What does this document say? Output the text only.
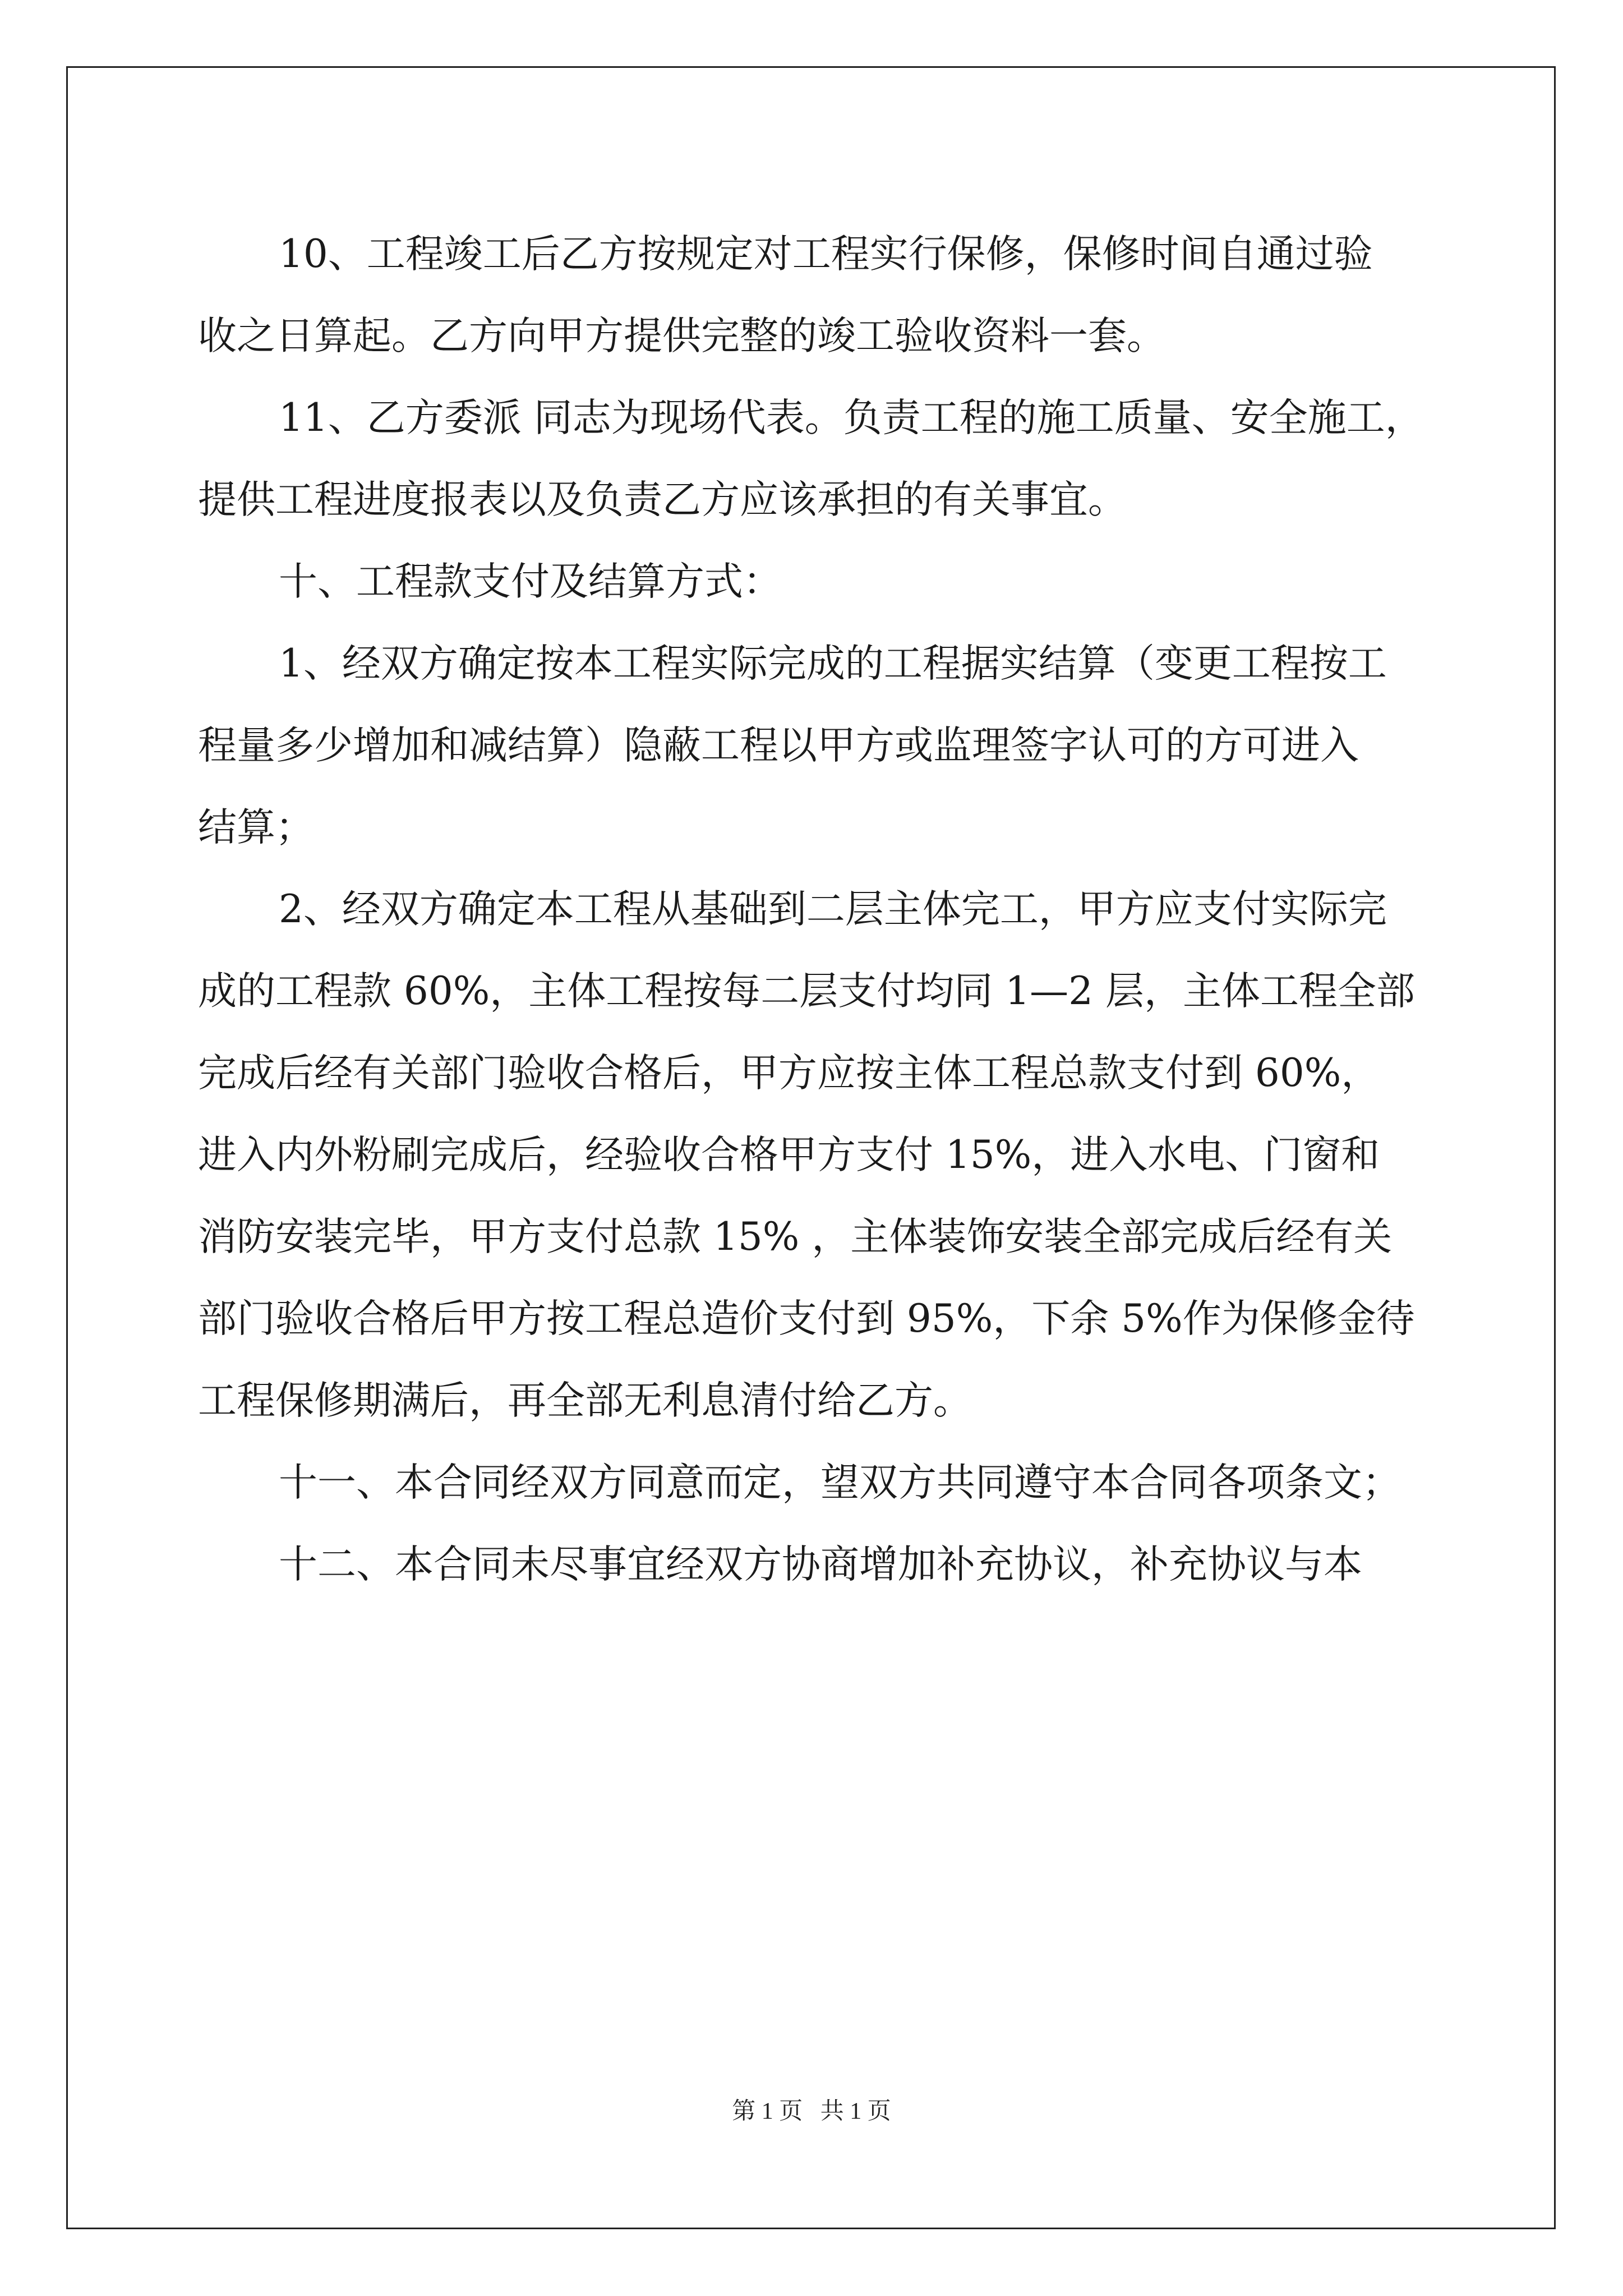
10、工程竣工后乙方按规定对工程实行保修，保修时间自通过验
收之日算起。乙方向甲方提供完整的竣工验收资料一套。
11、乙方委派 同志为现场代表。负责工程的施工质量、安全施工，
提供工程进度报表以及负责乙方应该承担的有关事宜。
十、工程款支付及结算方式：
1、经双方确定按本工程实际完成的工程据实结算（变更工程按工
程量多少增加和减结算）隐蔽工程以甲方或监理签字认可的方可进入
结算；
2、经双方确定本工程从基础到二层主体完工，甲方应支付实际完
成的工程款 60%，主体工程按每二层支付均同 1—2 层，主体工程全部
完成后经有关部门验收合格后，甲方应按主体工程总款支付到 60%，
进入内外粉刷完成后，经验收合格甲方支付 15%，进入水电、门窗和
消防安装完毕，甲方支付总款 15% ，主体装饰安装全部完成后经有关
部门验收合格后甲方按工程总造价支付到 95%，下余 5%作为保修金待
工程保修期满后，再全部无利息清付给乙方。
十一、本合同经双方同意而定，望双方共同遵守本合同各项条文；
十二、本合同未尽事宜经双方协商增加补充协议，补充协议与本
第 1 页   共 1 页
